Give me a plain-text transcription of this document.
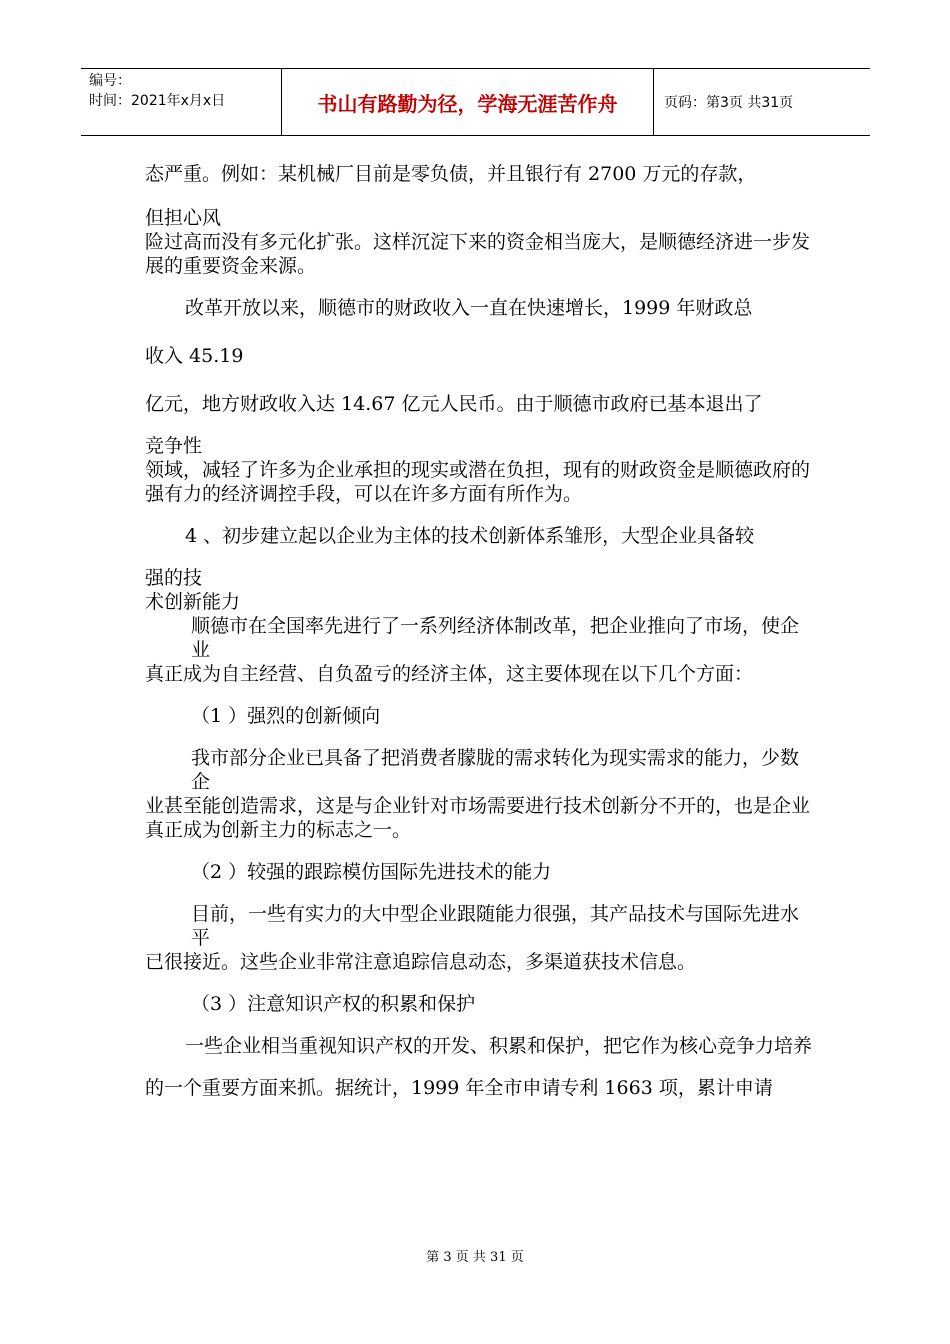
编号：
时间：2021年x月x日	书山有路勤为径，学海无涯苦作舟	页码：第3页 共31页

态严重。例如：某机械厂目前是零负债，并且银行有 2700 万元的存款，

但担心风

险过高而没有多元化扩张。这样沉淀下来的资金相当庞大，是顺德经济进一步发

展的重要资金来源。

改革开放以来，顺德市的财政收入一直在快速增长，1999 年财政总

收入 45.19

亿元，地方财政收入达 14.67 亿元人民币。由于顺德市政府已基本退出了

竞争性

领域，减轻了许多为企业承担的现实或潜在负担，现有的财政资金是顺德政府的

强有力的经济调控手段，可以在许多方面有所作为。

4 、初步建立起以企业为主体的技术创新体系雏形，大型企业具备较

强的技

术创新能力

顺德市在全国率先进行了一系列经济体制改革，把企业推向了市场，使企业

真正成为自主经营、自负盈亏的经济主体，这主要体现在以下几个方面：

（1 ）强烈的创新倾向

我市部分企业已具备了把消费者朦胧的需求转化为现实需求的能力，少数企

业甚至能创造需求，这是与企业针对市场需要进行技术创新分不开的，也是企业

真正成为创新主力的标志之一。

（2 ）较强的跟踪模仿国际先进技术的能力

目前，一些有实力的大中型企业跟随能力很强，其产品技术与国际先进水平

已很接近。这些企业非常注意追踪信息动态，多渠道获技术信息。

（3 ）注意知识产权的积累和保护

一些企业相当重视知识产权的开发、积累和保护，把它作为核心竞争力培养

的一个重要方面来抓。据统计，1999 年全市申请专利 1663 项，累计申请

第 3 页 共 31 页
